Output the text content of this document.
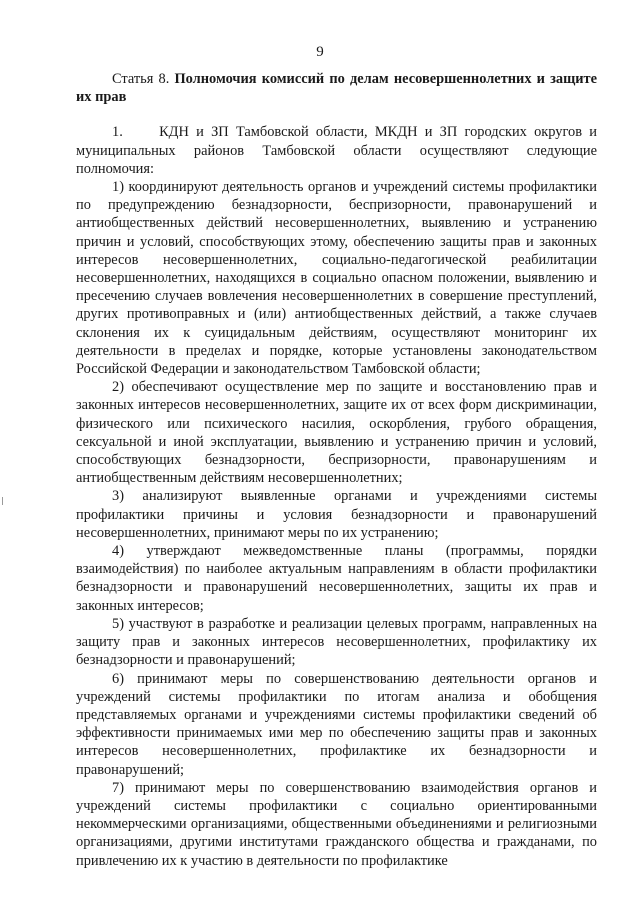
9

Статья 8. Полномочия комиссий по делам несовершеннолетних и защите их прав

1.	КДН и ЗП Тамбовской области, МКДН и ЗП городских округов и муниципальных районов Тамбовской области осуществляют следующие полномочия:

1) координируют деятельность органов и учреждений системы профилактики по предупреждению безнадзорности, беспризорности, правонарушений и антиобщественных действий несовершеннолетних, выявлению и устранению причин и условий, способствующих этому, обеспечению защиты прав и законных интересов несовершеннолетних, социально-педагогической реабилитации несовершеннолетних, находящихся в социально опасном положении, выявлению и пресечению случаев вовлечения несовершеннолетних в совершение преступлений, других противоправных и (или) антиобщественных действий, а также случаев склонения их к суицидальным действиям, осуществляют мониторинг их деятельности в пределах и порядке, которые установлены законодательством Российской Федерации и законодательством Тамбовской области;

2) обеспечивают осуществление мер по защите и восстановлению прав и законных интересов несовершеннолетних, защите их от всех форм дискриминации, физического или психического насилия, оскорбления, грубого обращения, сексуальной и иной эксплуатации, выявлению и устранению причин и условий, способствующих безнадзорности, беспризорности, правонарушениям и антиобщественным действиям несовершеннолетних;

3) анализируют выявленные органами и учреждениями системы профилактики причины и условия безнадзорности и правонарушений несовершеннолетних, принимают меры по их устранению;

4) утверждают межведомственные планы (программы, порядки взаимодействия) по наиболее актуальным направлениям в области профилактики безнадзорности и правонарушений несовершеннолетних, защиты их прав и законных интересов;

5) участвуют в разработке и реализации целевых программ, направленных на защиту прав и законных интересов несовершеннолетних, профилактику их безнадзорности и правонарушений;

6) принимают меры по совершенствованию деятельности органов и учреждений системы профилактики по итогам анализа и обобщения представляемых органами и учреждениями системы профилактики сведений об эффективности принимаемых ими мер по обеспечению защиты прав и законных интересов несовершеннолетних, профилактике их безнадзорности и правонарушений;

7) принимают меры по совершенствованию взаимодействия органов и учреждений системы профилактики с социально ориентированными некоммерческими организациями, общественными объединениями и религиозными организациями, другими институтами гражданского общества и гражданами, по привлечению их к участию в деятельности по профилактике
